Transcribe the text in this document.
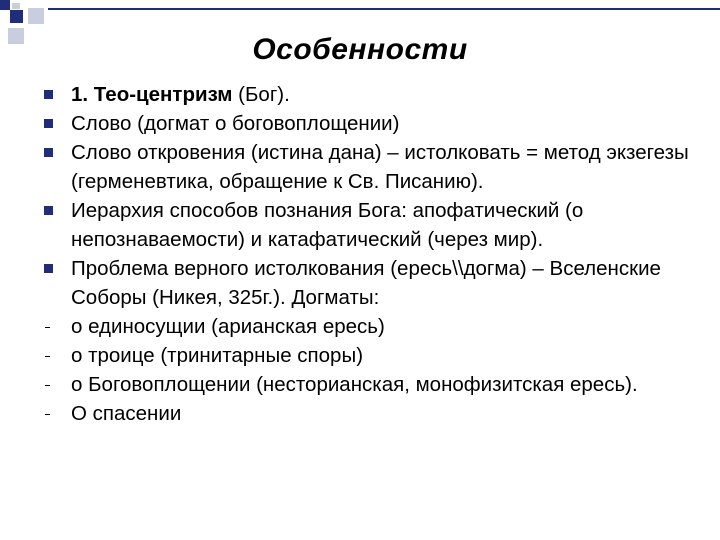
Особенности
1. Тео-центризм (Бог).
Слово (догмат о боговоплощении)
Слово откровения (истина дана) – истолковать = метод экзегезы (герменевтика, обращение к Св. Писанию).
Иерархия способов познания Бога: апофатический (о непознаваемости) и катафатический (через мир).
Проблема верного истолкования (ересь\\догма) – Вселенские Соборы (Никея, 325г.). Догматы:
о единосущии (арианская ересь)
о троице (тринитарные споры)
о Боговоплощении (несторианская, монофизитская ересь).
О спасении
